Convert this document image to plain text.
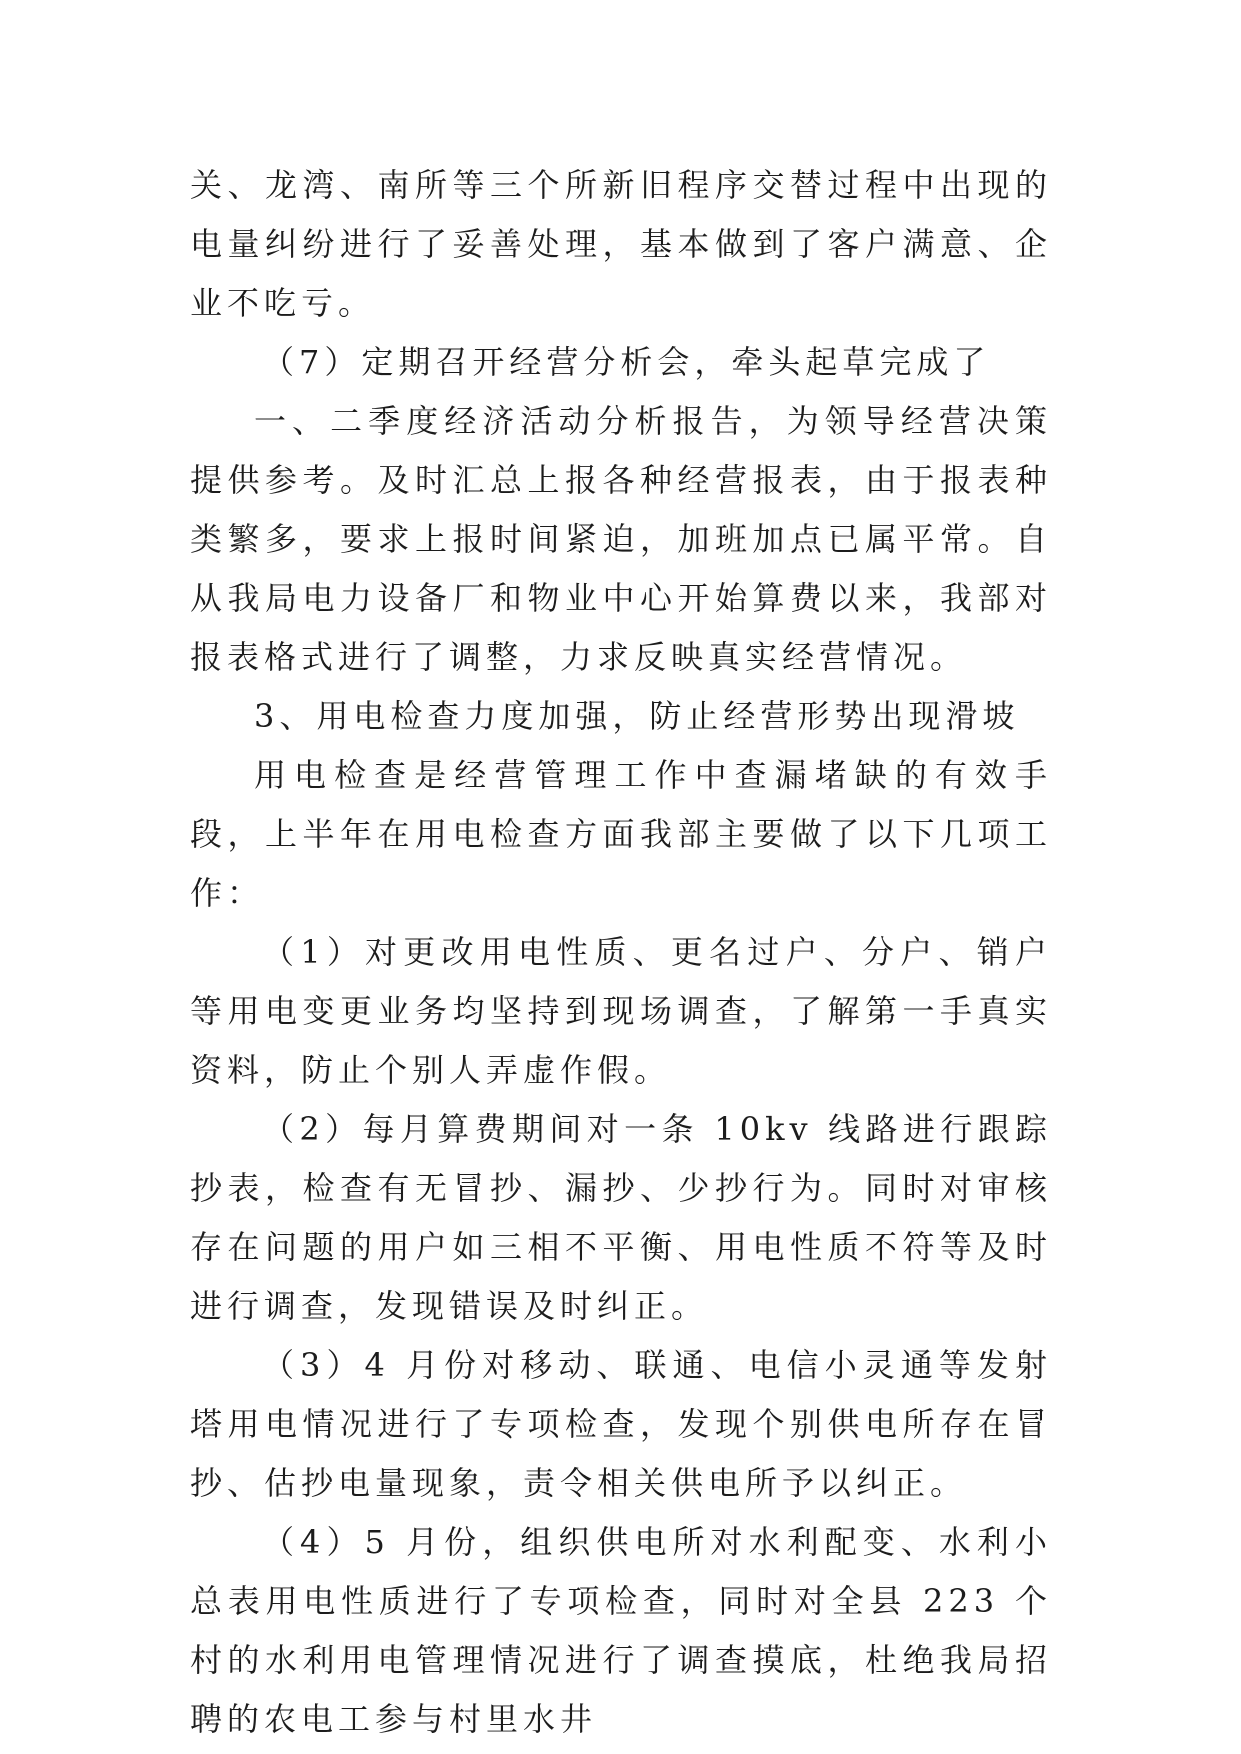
关、龙湾、南所等三个所新旧程序交替过程中出现的电量纠纷进行了妥善处理，基本做到了客户满意、企业不吃亏。

（7）定期召开经营分析会，牵头起草完成了

一、二季度经济活动分析报告，为领导经营决策提供参考。及时汇总上报各种经营报表，由于报表种类繁多，要求上报时间紧迫，加班加点已属平常。自从我局电力设备厂和物业中心开始算费以来，我部对报表格式进行了调整，力求反映真实经营情况。

3、用电检查力度加强，防止经营形势出现滑坡

用电检查是经营管理工作中查漏堵缺的有效手段，上半年在用电检查方面我部主要做了以下几项工作：

（1）对更改用电性质、更名过户、分户、销户等用电变更业务均坚持到现场调查，了解第一手真实资料，防止个别人弄虚作假。

（2）每月算费期间对一条 10kv 线路进行跟踪抄表，检查有无冒抄、漏抄、少抄行为。同时对审核存在问题的用户如三相不平衡、用电性质不符等及时进行调查，发现错误及时纠正。

（3）4 月份对移动、联通、电信小灵通等发射塔用电情况进行了专项检查，发现个别供电所存在冒抄、估抄电量现象，责令相关供电所予以纠正。

（4）5 月份，组织供电所对水利配变、水利小总表用电性质进行了专项检查，同时对全县 223 个村的水利用电管理情况进行了调查摸底，杜绝我局招聘的农电工参与村里水井
